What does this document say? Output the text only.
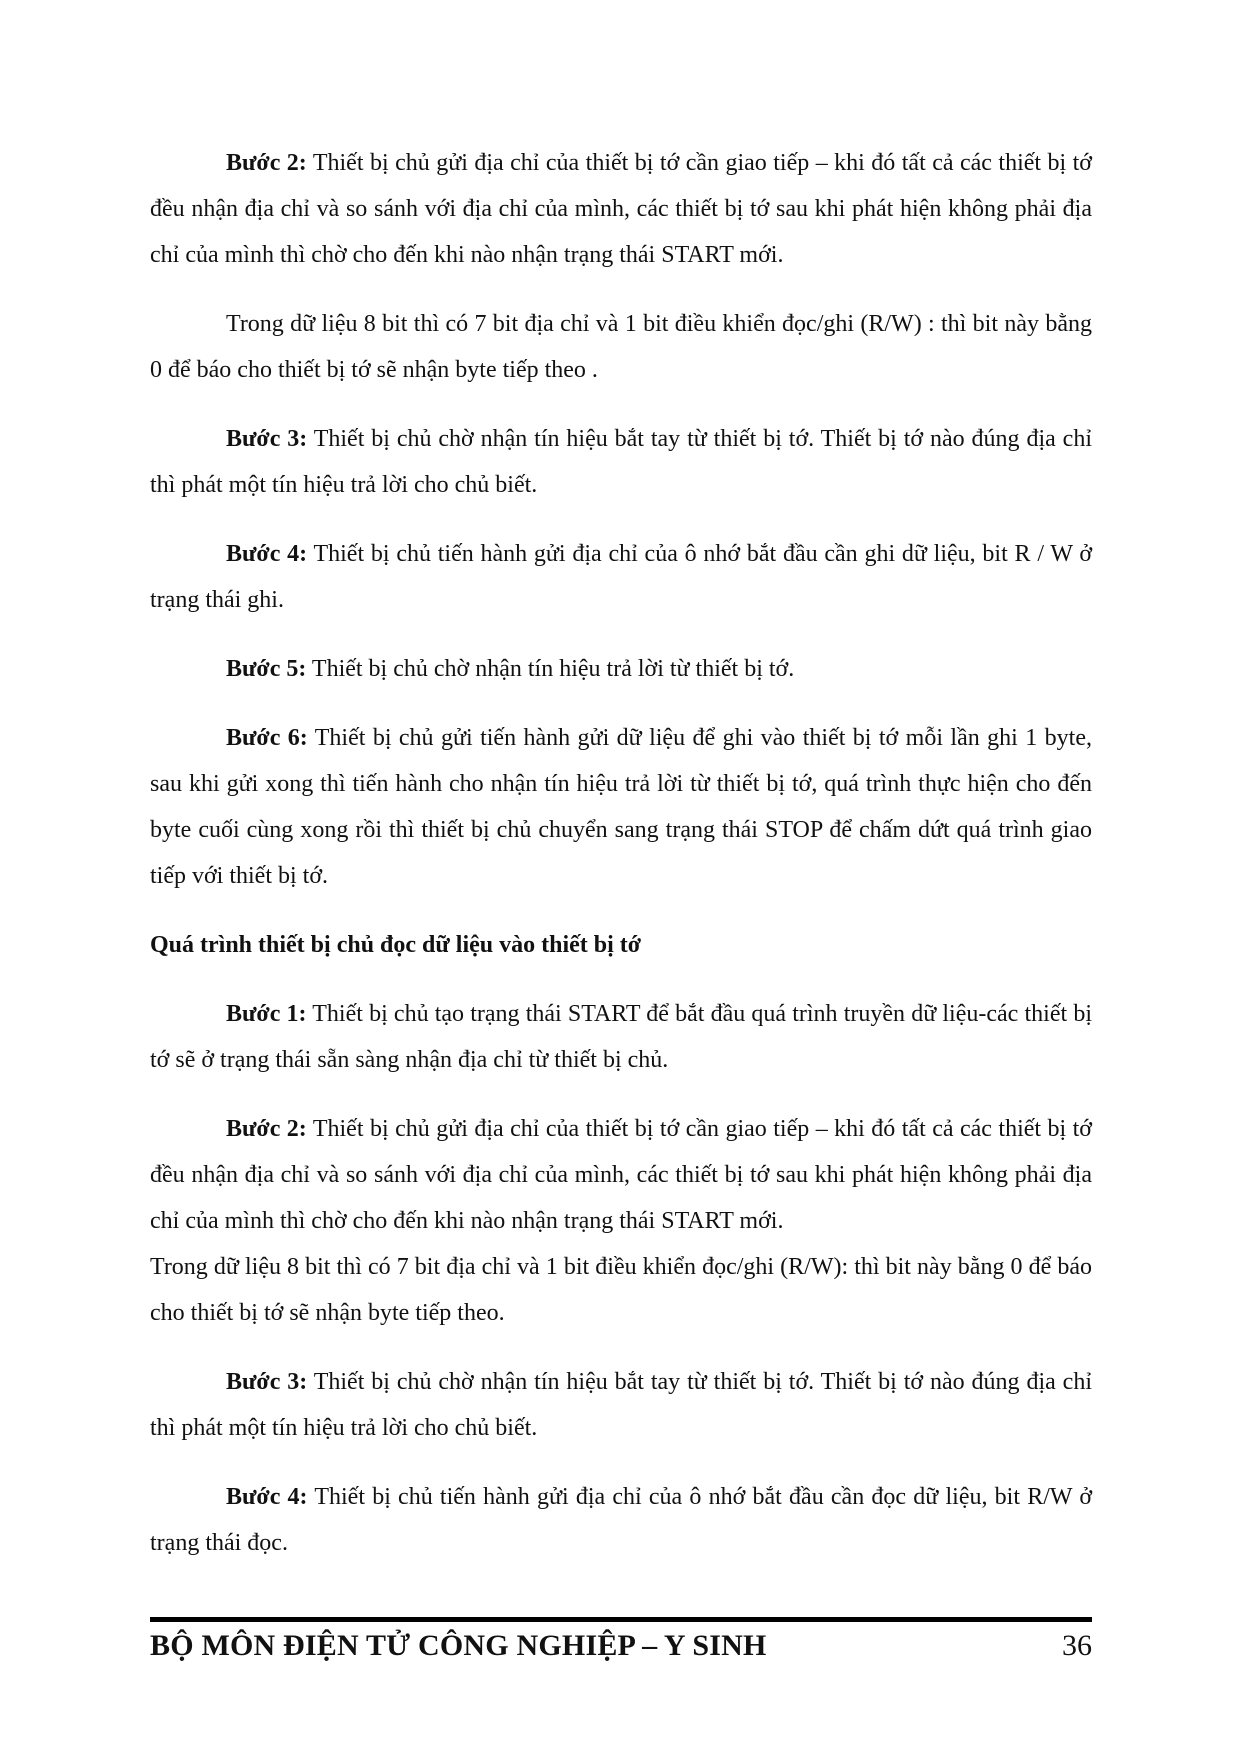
Bước 2: Thiết bị chủ gửi địa chỉ của thiết bị tớ cần giao tiếp – khi đó tất cả các thiết bị tớ đều nhận địa chỉ và so sánh với địa chỉ của mình, các thiết bị tớ sau khi phát hiện không phải địa chỉ của mình thì chờ cho đến khi nào nhận trạng thái START mới.

Trong dữ liệu 8 bit thì có 7 bit địa chỉ và 1 bit điều khiển đọc/ghi (R/W) : thì bit này bằng 0 để báo cho thiết bị tớ sẽ nhận byte tiếp theo .

Bước 3: Thiết bị chủ chờ nhận tín hiệu bắt tay từ thiết bị tớ. Thiết bị tớ nào đúng địa chỉ thì phát một tín hiệu trả lời cho chủ biết.

Bước 4: Thiết bị chủ tiến hành gửi địa chỉ của ô nhớ bắt đầu cần ghi dữ liệu, bit R / W ở trạng thái ghi.

Bước 5: Thiết bị chủ chờ nhận tín hiệu trả lời từ thiết bị tớ.

Bước 6: Thiết bị chủ gửi tiến hành gửi dữ liệu để ghi vào thiết bị tớ mỗi lần ghi 1 byte, sau khi gửi xong thì tiến hành cho nhận tín hiệu trả lời từ thiết bị tớ, quá trình thực hiện cho đến byte cuối cùng xong rồi thì thiết bị chủ chuyển sang trạng thái STOP để chấm dứt quá trình giao tiếp với thiết bị tớ.

Quá trình thiết bị chủ đọc dữ liệu vào thiết bị tớ

Bước 1: Thiết bị chủ tạo trạng thái START để bắt đầu quá trình truyền dữ liệu-các thiết bị tớ sẽ ở trạng thái sẵn sàng nhận địa chỉ từ thiết bị chủ.

Bước 2: Thiết bị chủ gửi địa chỉ của thiết bị tớ cần giao tiếp – khi đó tất cả các thiết bị tớ đều nhận địa chỉ và so sánh với địa chỉ của mình, các thiết bị tớ sau khi phát hiện không phải địa chỉ của mình thì chờ cho đến khi nào nhận trạng thái START mới.

Trong dữ liệu 8 bit thì có 7 bit địa chỉ và 1 bit điều khiển đọc/ghi (R/W): thì bit này bằng 0 để báo cho thiết bị tớ sẽ nhận byte tiếp theo.

Bước 3: Thiết bị chủ chờ nhận tín hiệu bắt tay từ thiết bị tớ. Thiết bị tớ nào đúng địa chỉ thì phát một tín hiệu trả lời cho chủ biết.

Bước 4: Thiết bị chủ tiến hành gửi địa chỉ của ô nhớ bắt đầu cần đọc dữ liệu, bit R/W ở trạng thái đọc.

BỘ MÔN ĐIỆN TỬ CÔNG NGHIỆP – Y SINH	36
